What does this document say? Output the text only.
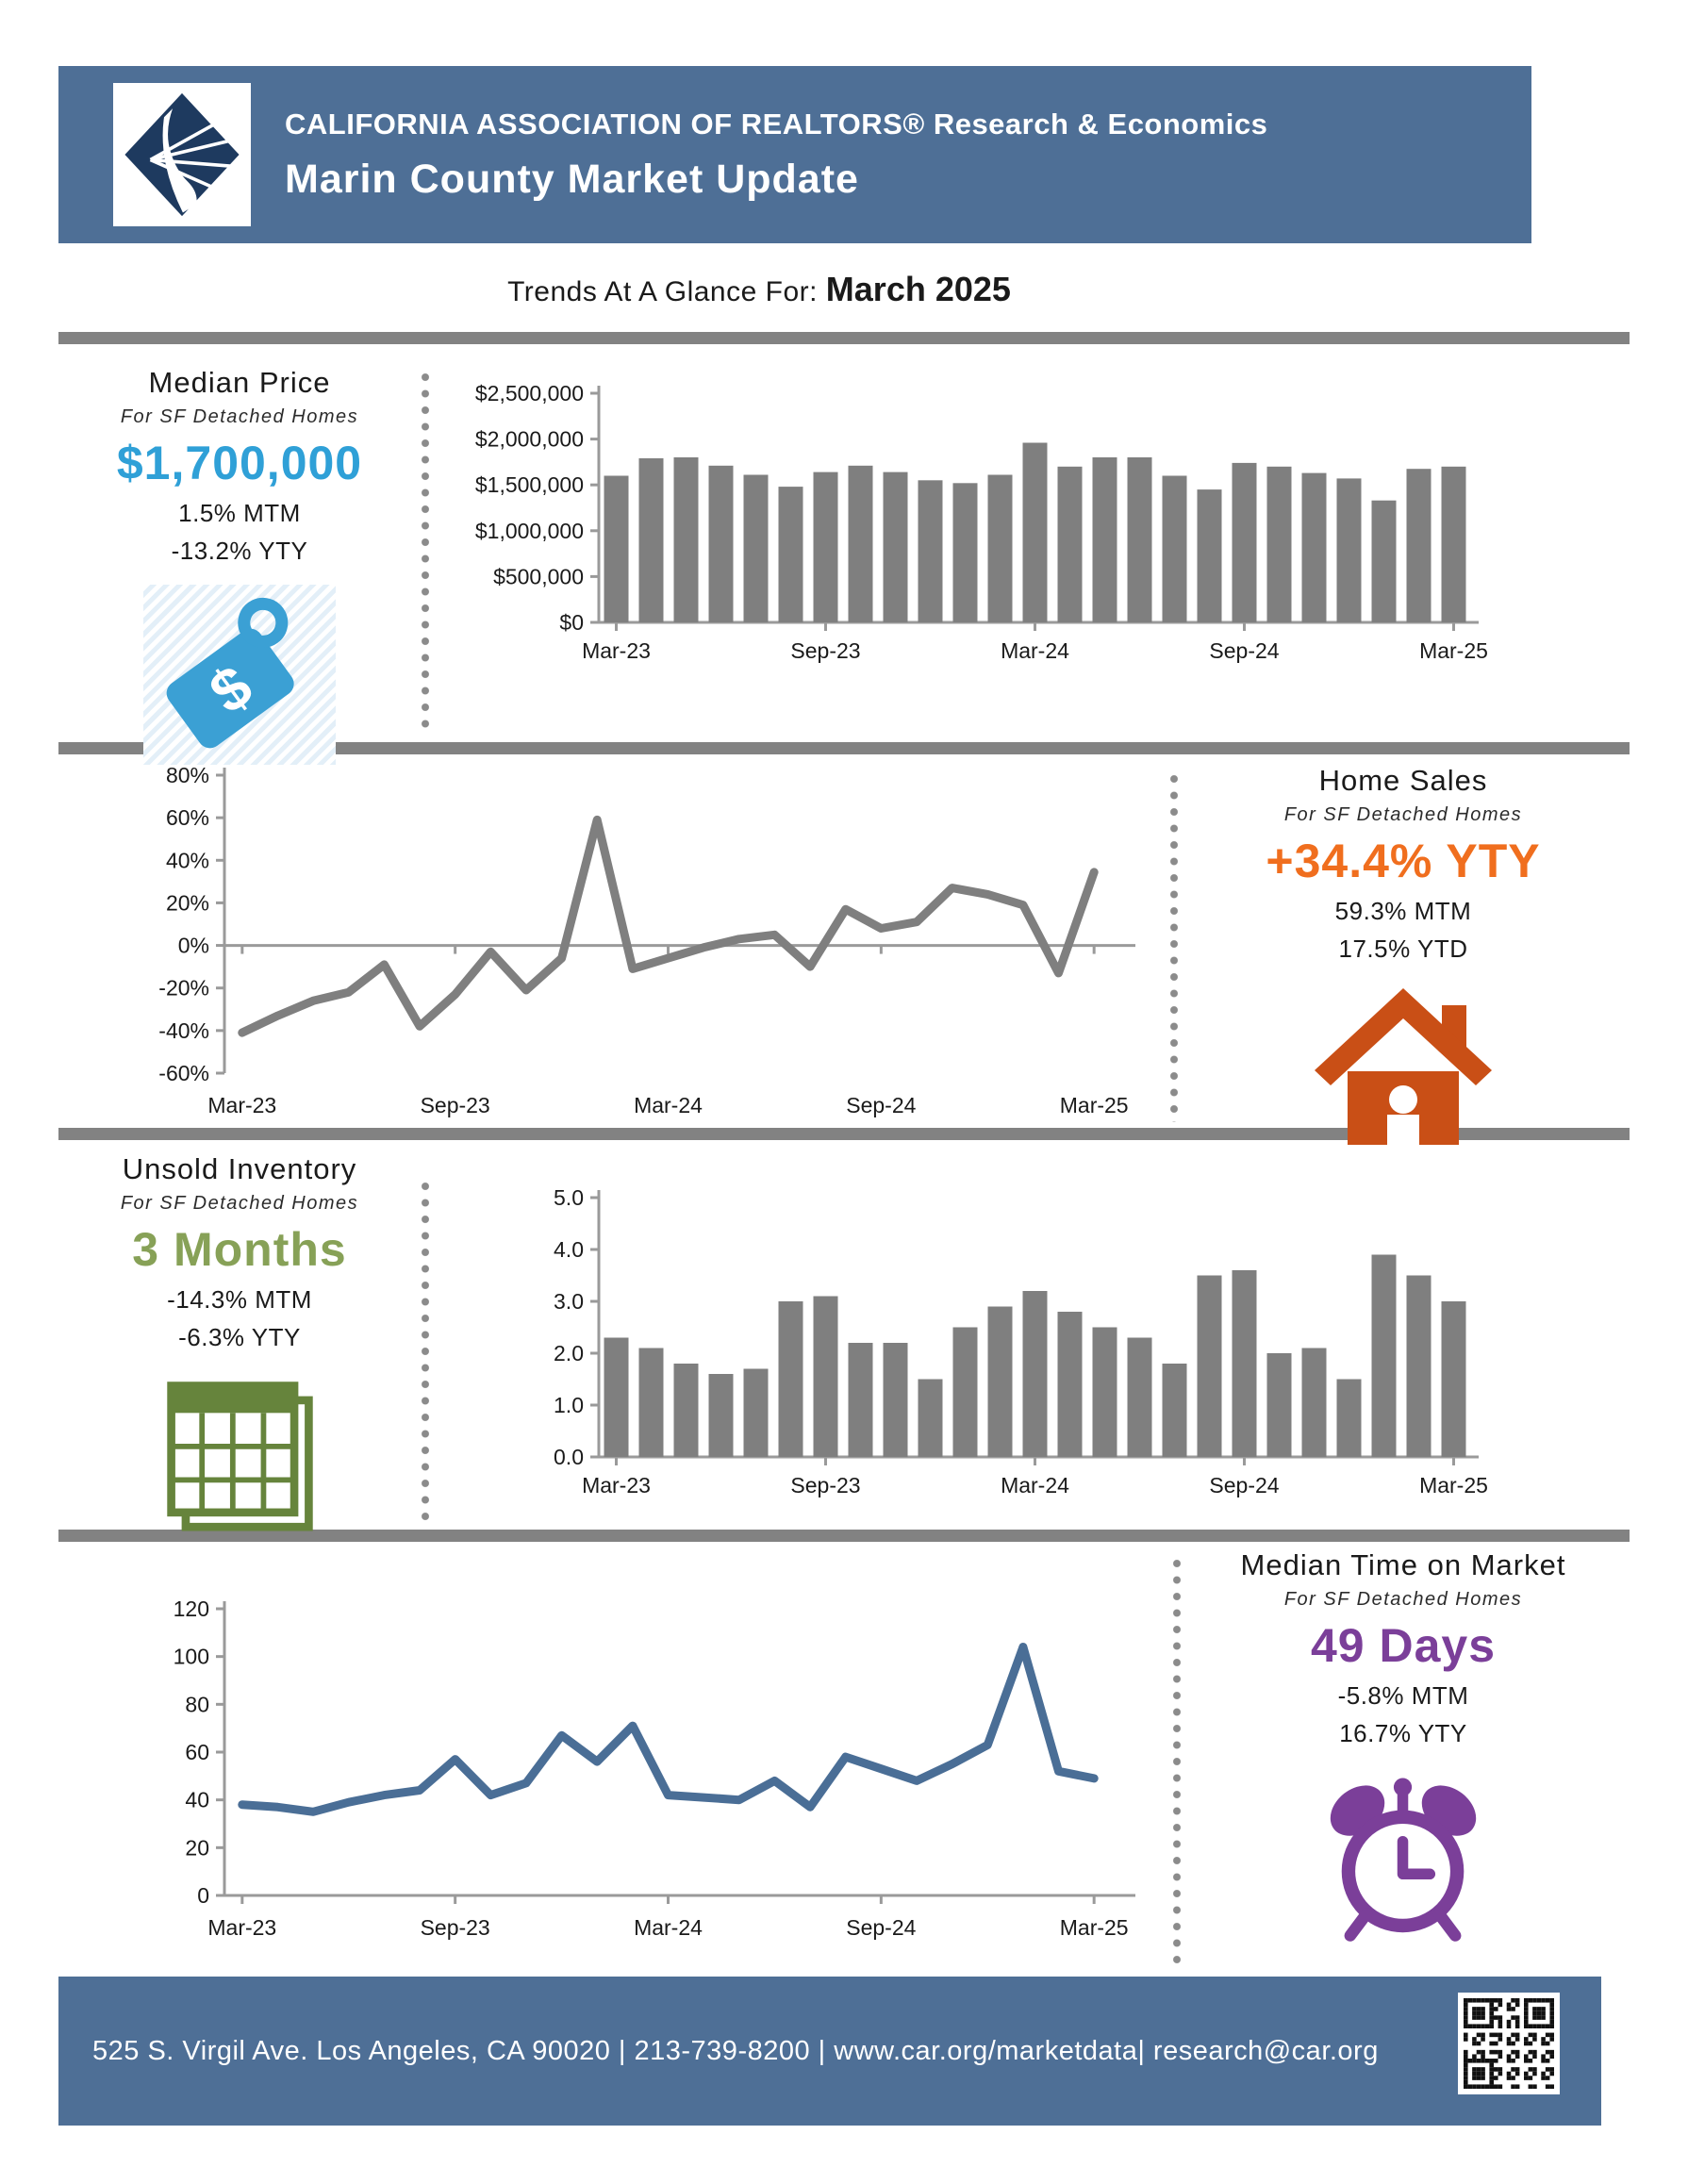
CALIFORNIA ASSOCIATION OF REALTORS® Research & Economics
Marin County Market Update
Trends At A Glance For: March 2025
Median Price
For SF Detached Homes
$1,700,000
1.5% MTM
-13.2% YTY
$
$0
$500,000
$1,000,000
$1,500,000
$2,000,000
$2,500,000
Mar-23	Sep-23	Mar-24	Sep-24	Mar-25
-60%
-40%
-20%
0%
20%
40%
60%
80%
Mar-23	Sep-23	Mar-24	Sep-24	Mar-25
Home Sales
For SF Detached Homes
+34.4% YTY
59.3% MTM
17.5% YTD
Unsold Inventory
For SF Detached Homes
3 Months
-14.3% MTM
-6.3% YTY
0.0
1.0
2.0
3.0
4.0
5.0
Mar-23	Sep-23	Mar-24	Sep-24	Mar-25
0
20
40
60
80
100
120
Mar-23	Sep-23	Mar-24	Sep-24	Mar-25
Median Time on Market
For SF Detached Homes
49 Days
-5.8% MTM
16.7% YTY
525 S. Virgil Ave. Los Angeles, CA 90020 | 213-739-8200 | www.car.org/marketdata| research@car.org
